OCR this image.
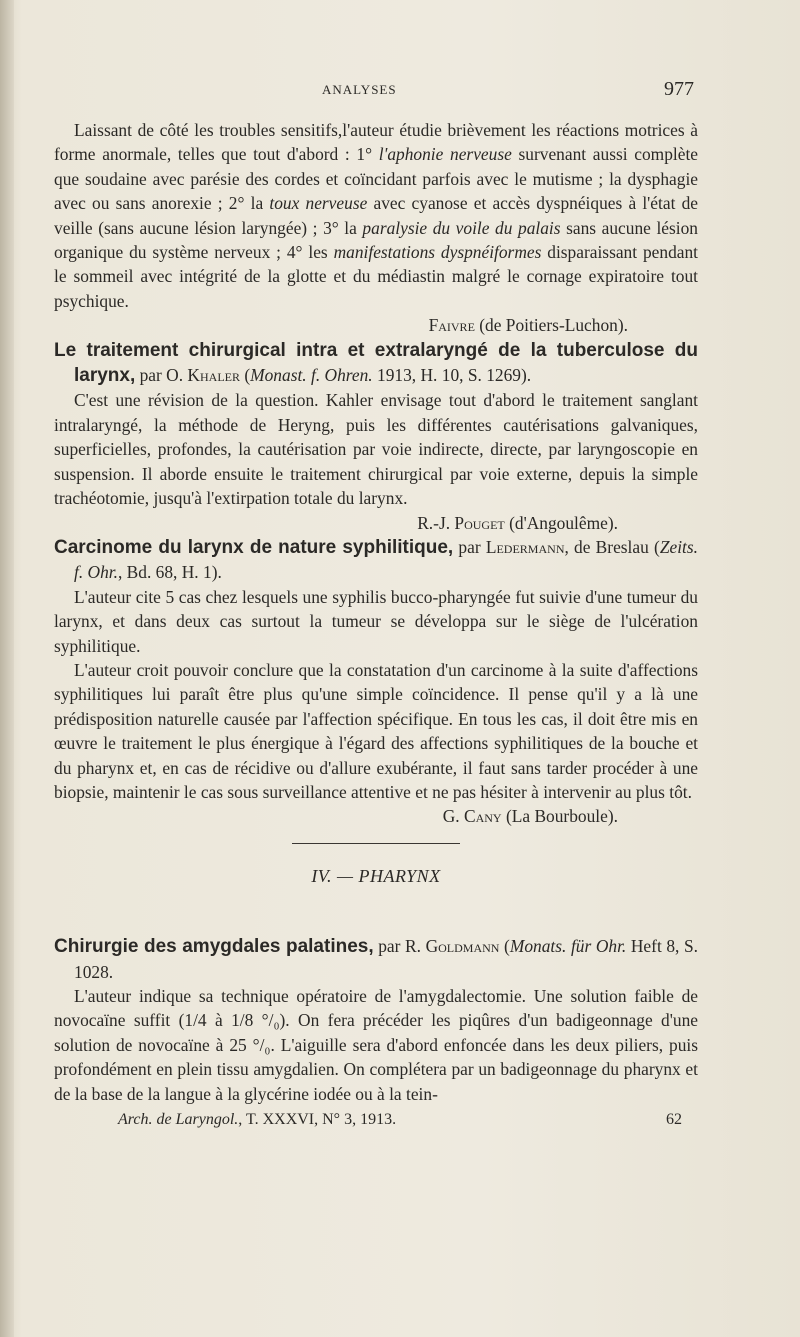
ANALYSES	977

Laissant de côté les troubles sensitifs,l'auteur étudie brièvement les réactions motrices à forme anormale, telles que tout d'abord : 1° l'aphonie nerveuse survenant aussi complète que soudaine avec parésie des cordes et coïncidant parfois avec le mutisme ; la dysphagie avec ou sans anorexie ; 2° la toux nerveuse avec cyanose et accès dyspnéiques à l'état de veille (sans aucune lésion laryngée) ; 3° la paralysie du voile du palais sans aucune lésion organique du système nerveux ; 4° les manifestations dyspnéiformes disparaissant pendant le sommeil avec intégrité de la glotte et du médiastin malgré le cornage expiratoire tout psychique.

Faivre (de Poitiers-Luchon).

Le traitement chirurgical intra et extralaryngé de la tuberculose du larynx, par O. Khaler (Monast. f. Ohren. 1913, H. 10, S. 1269).

C'est une révision de la question. Kahler envisage tout d'abord le traitement sanglant intralaryngé, la méthode de Heryng, puis les différentes cautérisations galvaniques, superficielles, profondes, la cautérisation par voie indirecte, directe, par laryngoscopie en suspension. Il aborde ensuite le traitement chirurgical par voie externe, depuis la simple trachéotomie, jusqu'à l'extirpation totale du larynx.

R.-J. Pouget (d'Angoulême).

Carcinome du larynx de nature syphilitique, par Ledermann, de Breslau (Zeits. f. Ohr., Bd. 68, H. 1).

L'auteur cite 5 cas chez lesquels une syphilis bucco-pharyngée fut suivie d'une tumeur du larynx, et dans deux cas surtout la tumeur se développa sur le siège de l'ulcération syphilitique.

L'auteur croit pouvoir conclure que la constatation d'un carcinome à la suite d'affections syphilitiques lui paraît être plus qu'une simple coïncidence. Il pense qu'il y a là une prédisposition naturelle causée par l'affection spécifique. En tous les cas, il doit être mis en œuvre le traitement le plus énergique à l'égard des affections syphilitiques de la bouche et du pharynx et, en cas de récidive ou d'allure exubérante, il faut sans tarder procéder à une biopsie, maintenir le cas sous surveillance attentive et ne pas hésiter à intervenir au plus tôt.

G. Cany (La Bourboule).

IV. — PHARYNX

Chirurgie des amygdales palatines, par R. Goldmann (Monats. für Ohr. Heft 8, S. 1028.

L'auteur indique sa technique opératoire de l'amygdalectomie. Une solution faible de novocaïne suffit (1/4 à 1/8 °/₀). On fera précéder les piqûres d'un badigeonnage d'une solution de novocaïne à 25 °/₀. L'aiguille sera d'abord enfoncée dans les deux piliers, puis profondément en plein tissu amygdalien. On complétera par un badigeonnage du pharynx et de la base de la langue à la glycérine iodée ou à la tein-

Arch. de Laryngol., T. XXXVI, N° 3, 1913.	62
